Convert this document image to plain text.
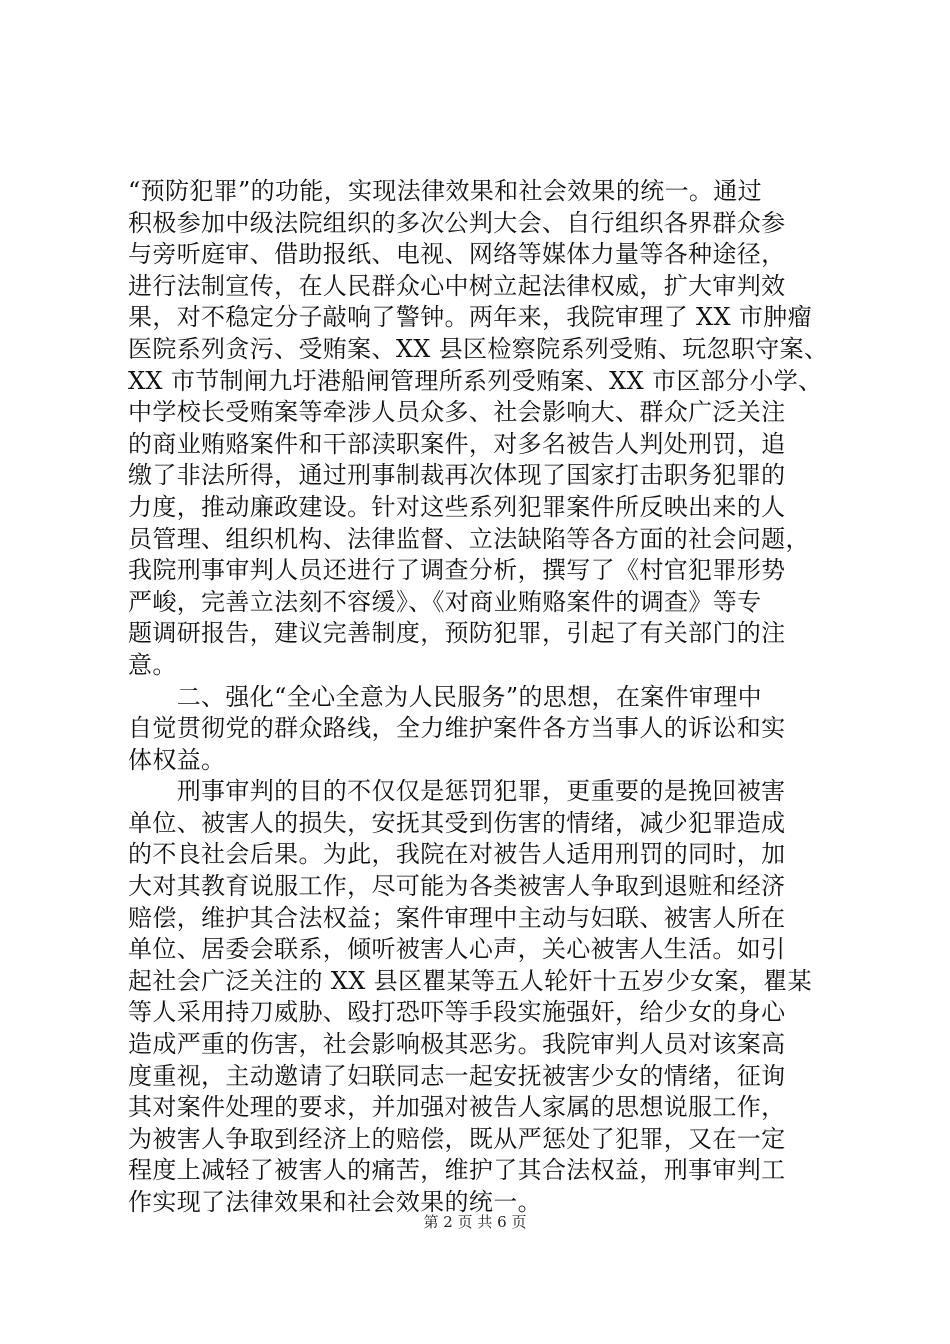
“预防犯罪”的功能，实现法律效果和社会效果的统一。通过
积极参加中级法院组织的多次公判大会、自行组织各界群众参
与旁听庭审、借助报纸、电视、网络等媒体力量等各种途径，
进行法制宣传，在人民群众心中树立起法律权威，扩大审判效
果，对不稳定分子敲响了警钟。两年来，我院审理了 XX 市肿瘤
医院系列贪污、受贿案、XX 县区检察院系列受贿、玩忽职守案、
XX 市节制闸九圩港船闸管理所系列受贿案、XX 市区部分小学、
中学校长受贿案等牵涉人员众多、社会影响大、群众广泛关注
的商业贿赂案件和干部渎职案件，对多名被告人判处刑罚，追
缴了非法所得，通过刑事制裁再次体现了国家打击职务犯罪的
力度，推动廉政建设。针对这些系列犯罪案件所反映出来的人
员管理、组织机构、法律监督、立法缺陷等各方面的社会问题，
我院刑事审判人员还进行了调查分析，撰写了《村官犯罪形势
严峻，完善立法刻不容缓》、《对商业贿赂案件的调查》等专
题调研报告，建议完善制度，预防犯罪，引起了有关部门的注
意。
　　二、强化“全心全意为人民服务”的思想，在案件审理中
自觉贯彻党的群众路线，全力维护案件各方当事人的诉讼和实
体权益。
　　刑事审判的目的不仅仅是惩罚犯罪，更重要的是挽回被害
单位、被害人的损失，安抚其受到伤害的情绪，减少犯罪造成
的不良社会后果。为此，我院在对被告人适用刑罚的同时，加
大对其教育说服工作，尽可能为各类被害人争取到退赃和经济
赔偿，维护其合法权益；案件审理中主动与妇联、被害人所在
单位、居委会联系，倾听被害人心声，关心被害人生活。如引
起社会广泛关注的 XX 县区瞿某等五人轮奸十五岁少女案，瞿某
等人采用持刀威胁、殴打恐吓等手段实施强奸，给少女的身心
造成严重的伤害，社会影响极其恶劣。我院审判人员对该案高
度重视，主动邀请了妇联同志一起安抚被害少女的情绪，征询
其对案件处理的要求，并加强对被告人家属的思想说服工作，
为被害人争取到经济上的赔偿，既从严惩处了犯罪，又在一定
程度上减轻了被害人的痛苦，维护了其合法权益，刑事审判工
作实现了法律效果和社会效果的统一。
第 2 页 共 6 页
